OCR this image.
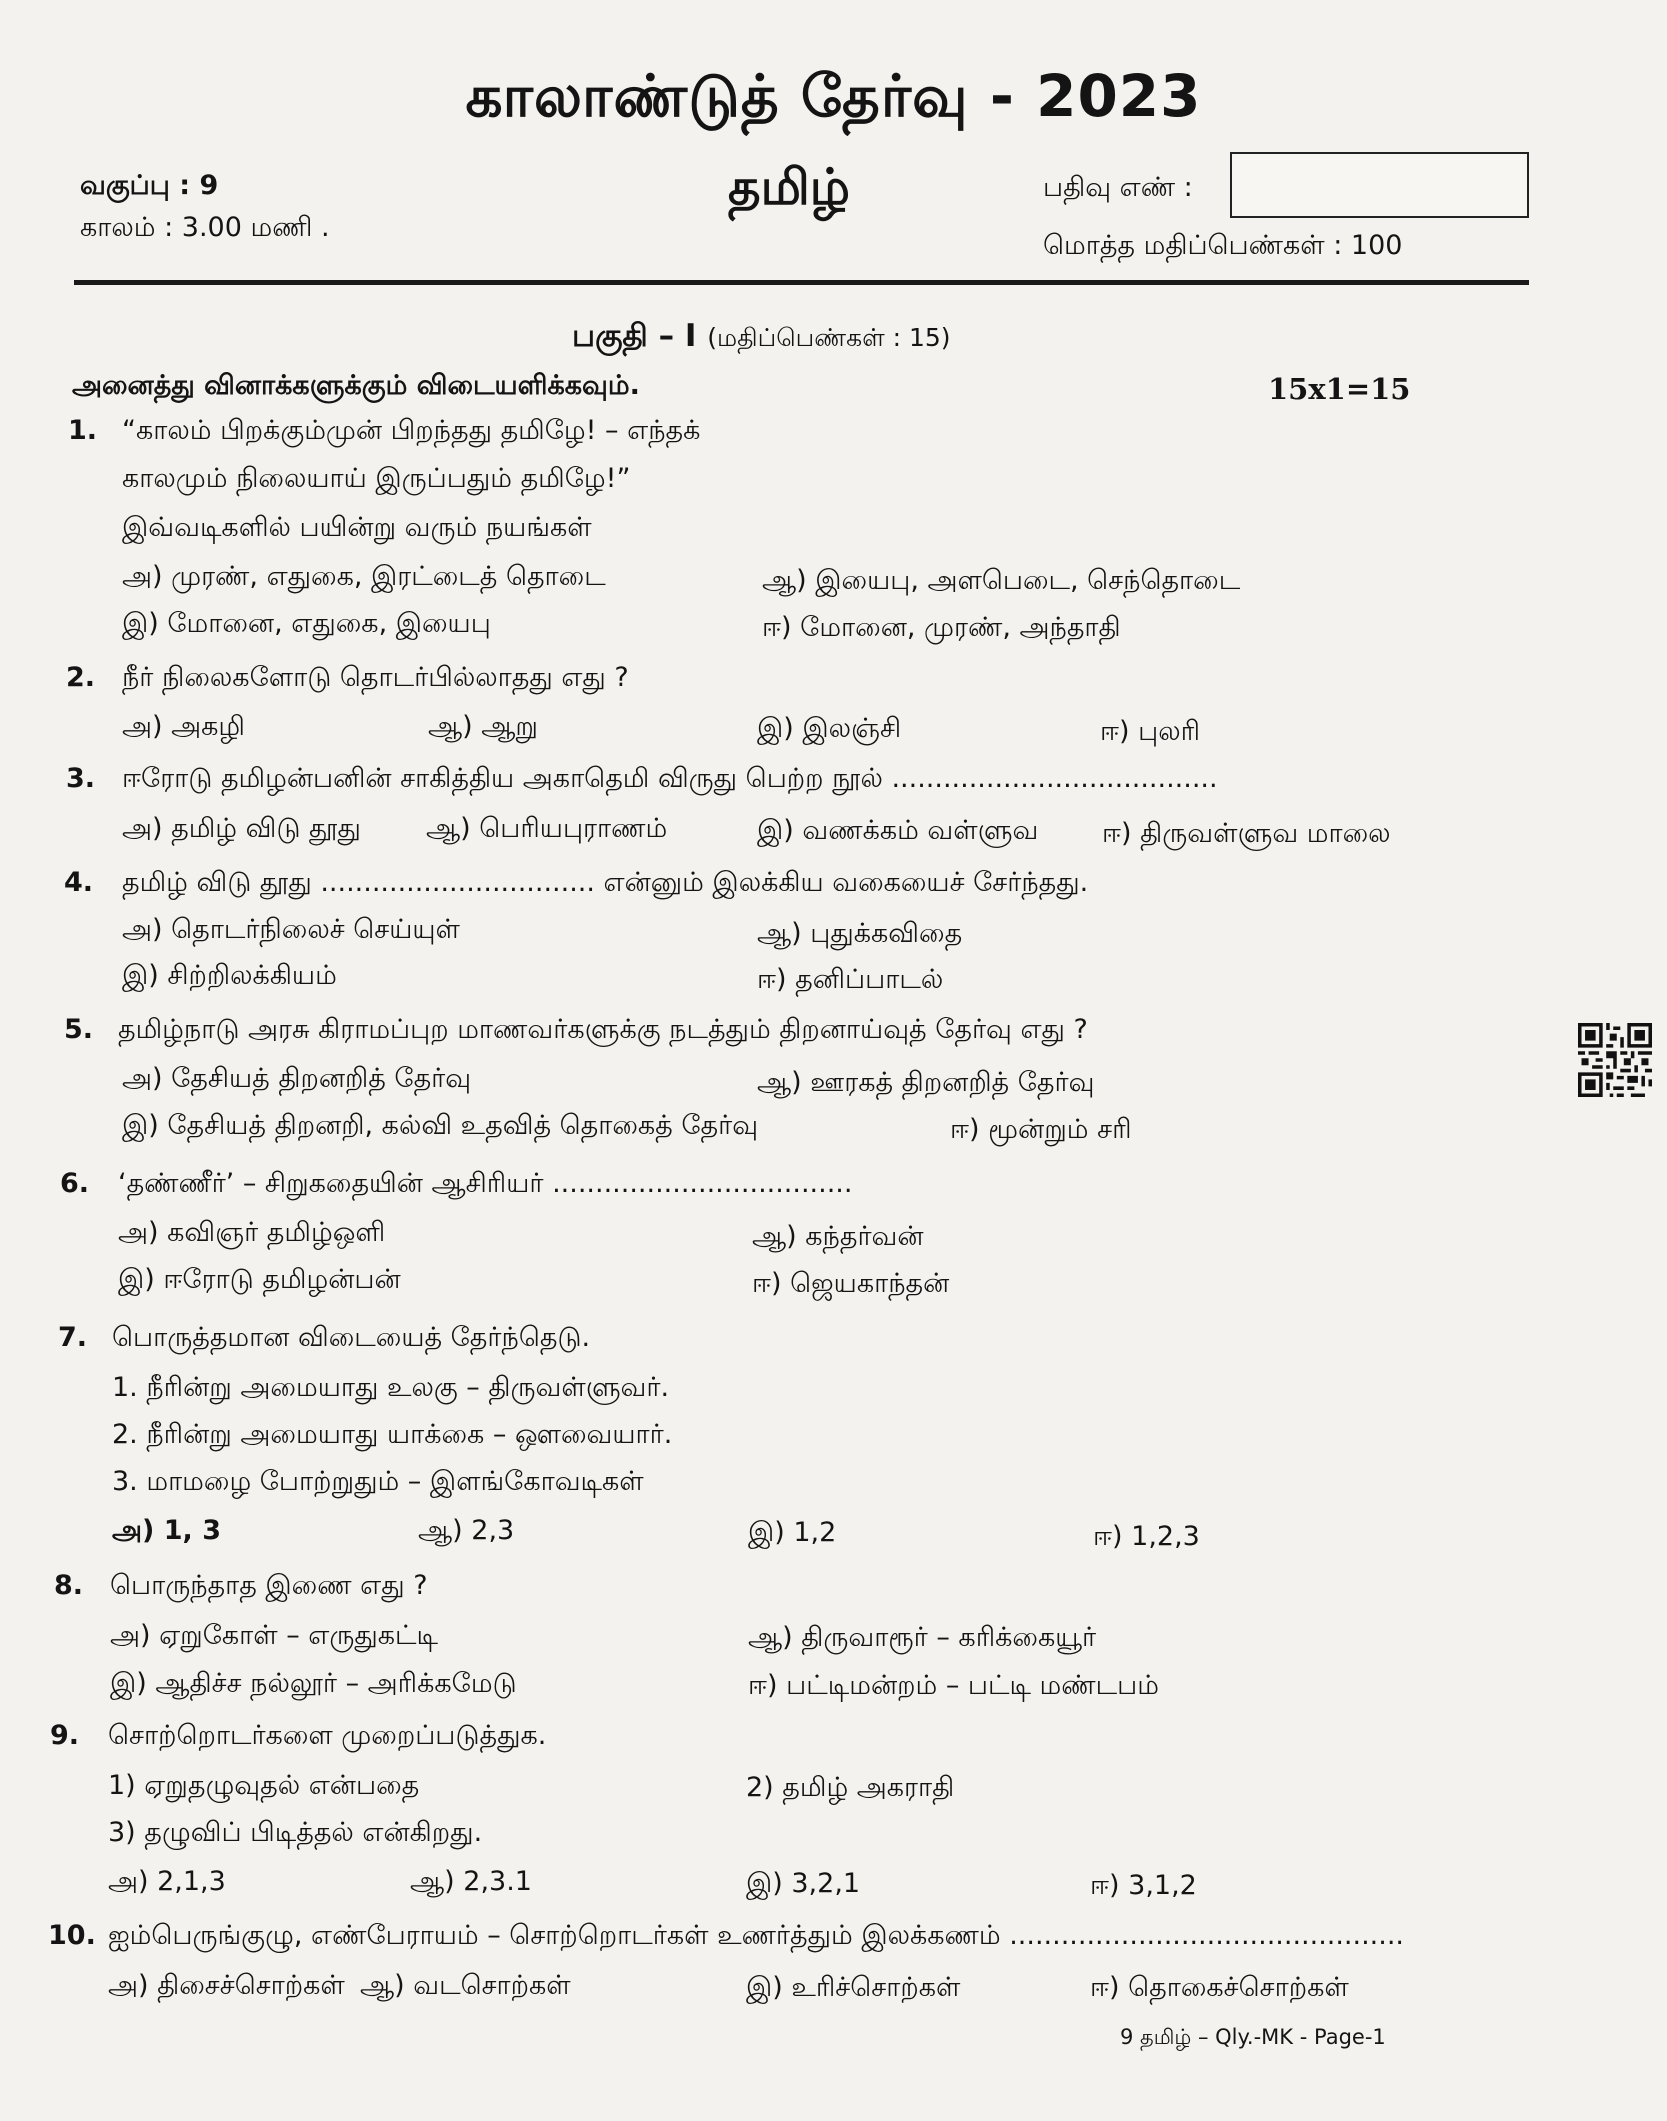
காலாண்டுத் தேர்வு - 2023
வகுப்பு : 9
காலம் : 3.00 மணி .
தமிழ்	பதிவு எண் :
மொத்த மதிப்பெண்கள் : 100
பகுதி – I (மதிப்பெண்கள் : 15)
அனைத்து வினாக்களுக்கும் விடையளிக்கவும்.	15x1=15
1. “காலம் பிறக்கும்முன் பிறந்தது தமிழே! – எந்தக்
காலமும் நிலையாய் இருப்பதும் தமிழே!”
இவ்வடிகளில் பயின்று வரும் நயங்கள்
அ) முரண், எதுகை, இரட்டைத் தொடை	ஆ) இயைபு, அளபெடை, செந்தொடை
இ) மோனை, எதுகை, இயைபு	ஈ) மோனை, முரண், அந்தாதி
2. நீர் நிலைகளோடு தொடர்பில்லாதது எது ?
அ) அகழி	ஆ) ஆறு	இ) இலஞ்சி	ஈ) புலரி
3. ஈரோடு தமிழன்பனின் சாகித்திய அகாதெமி விருது பெற்ற நூல் ......................................
அ) தமிழ் விடு தூது ஆ) பெரியபுராணம்	இ) வணக்கம் வள்ளுவ ஈ) திருவள்ளுவ மாலை
4. தமிழ் விடு தூது ................................ என்னும் இலக்கிய வகையைச் சேர்ந்தது.
அ) தொடர்நிலைச் செய்யுள்	ஆ) புதுக்கவிதை
இ) சிற்றிலக்கியம்	ஈ) தனிப்பாடல்
5. தமிழ்நாடு அரசு கிராமப்புற மாணவர்களுக்கு நடத்தும் திறனாய்வுத் தேர்வு எது ?
அ) தேசியத் திறனறித் தேர்வு	ஆ) ஊரகத் திறனறித் தேர்வு
இ) தேசியத் திறனறி, கல்வி உதவித் தொகைத் தேர்வு	ஈ) மூன்றும் சரி
6. ‘தண்ணீர்’ – சிறுகதையின் ஆசிரியர் ...................................
அ) கவிஞர் தமிழ்ஒளி	ஆ) கந்தர்வன்
இ) ஈரோடு தமிழன்பன்	ஈ) ஜெயகாந்தன்
7. பொருத்தமான விடையைத் தேர்ந்தெடு.
1. நீரின்று அமையாது உலகு – திருவள்ளுவர்.
2. நீரின்று அமையாது யாக்கை – ஔவையார்.
3. மாமழை போற்றுதும் – இளங்கோவடிகள்
அ) 1, 3	ஆ) 2,3	இ) 1,2	ஈ) 1,2,3
8. பொருந்தாத இணை எது ?
அ) ஏறுகோள் – எருதுகட்டி	ஆ) திருவாரூர் – கரிக்கையூர்
இ) ஆதிச்ச நல்லூர் – அரிக்கமேடு	ஈ) பட்டிமன்றம் – பட்டி மண்டபம்
9. சொற்றொடர்களை முறைப்படுத்துக.
1) ஏறுதழுவுதல் என்பதை	2) தமிழ் அகராதி
3) தழுவிப் பிடித்தல் என்கிறது.
அ) 2,1,3	ஆ) 2,3.1	இ) 3,2,1	ஈ) 3,1,2
10. ஐம்பெருங்குழு, எண்பேராயம் – சொற்றொடர்கள் உணர்த்தும் இலக்கணம் ..............................................
அ) திசைச்சொற்கள் ஆ) வடசொற்கள்	இ) உரிச்சொற்கள்	ஈ) தொகைச்சொற்கள்
9 தமிழ் – Qly.-MK - Page-1
